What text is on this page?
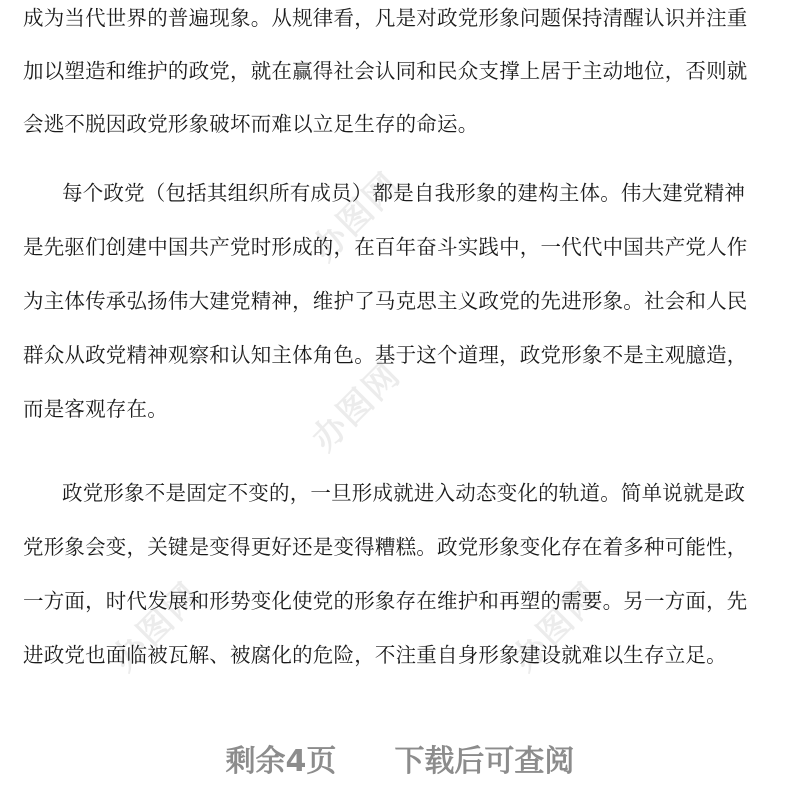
办图网
办图网
办图网
办图网
成为当代世界的普遍现象。从规律看，凡是对政党形象问题保持清醒认识并注重
加以塑造和维护的政党，就在赢得社会认同和民众支撑上居于主动地位，否则就
会逃不脱因政党形象破坏而难以立足生存的命运。
每个政党（包括其组织所有成员）都是自我形象的建构主体。伟大建党精神
是先驱们创建中国共产党时形成的，在百年奋斗实践中，一代代中国共产党人作
为主体传承弘扬伟大建党精神，维护了马克思主义政党的先进形象。社会和人民
群众从政党精神观察和认知主体角色。基于这个道理，政党形象不是主观臆造，
而是客观存在。
政党形象不是固定不变的，一旦形成就进入动态变化的轨道。简单说就是政
党形象会变，关键是变得更好还是变得糟糕。政党形象变化存在着多种可能性，
一方面，时代发展和形势变化使党的形象存在维护和再塑的需要。另一方面，先
进政党也面临被瓦解、被腐化的危险，不注重自身形象建设就难以生存立足。
剩余4页 下载后可查阅
